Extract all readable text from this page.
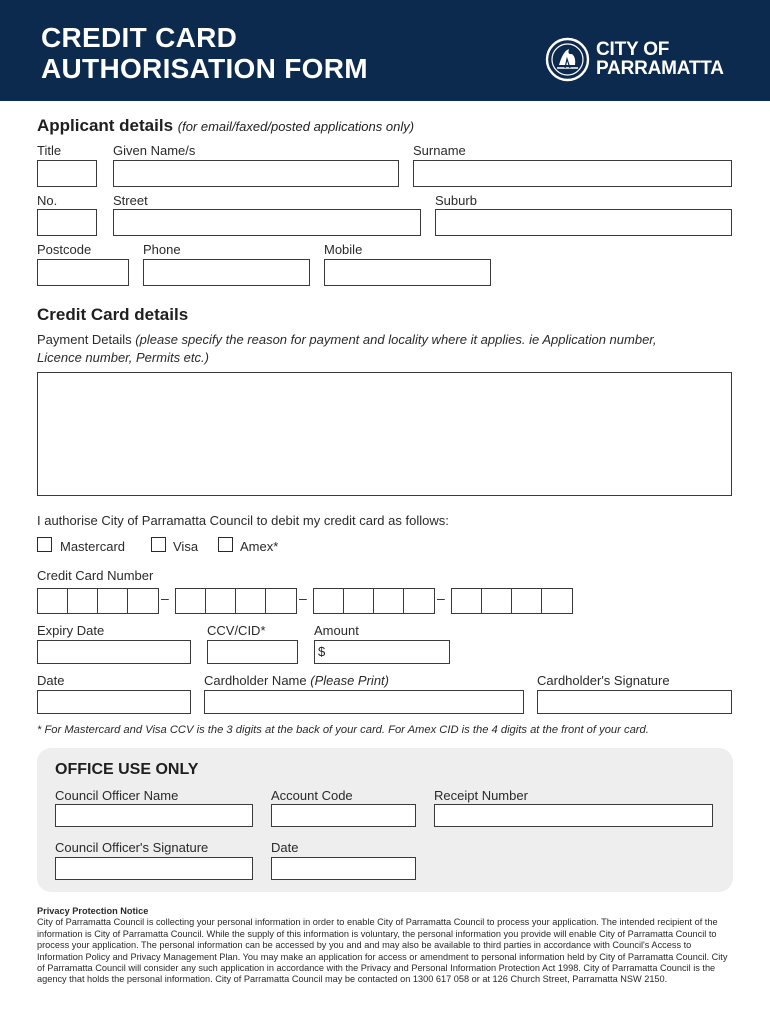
CREDIT CARD
AUTHORISATION FORM
CITY OF
PARRAMATTA
Applicant details (for email/faxed/posted applications only)
Title	Given Name/s	Surname
No.	Street	Suburb
Postcode	Phone	Mobile
Credit Card details
Payment Details (please specify the reason for payment and locality where it applies. ie Application number,
Licence number, Permits etc.)
I authorise City of Parramatta Council to debit my credit card as follows:
Mastercard	Visa	Amex*
Credit Card Number
–	–	–
Expiry Date	CCV/CID*	Amount
$
Date	Cardholder Name (Please Print)	Cardholder's Signature
* For Mastercard and Visa CCV is the 3 digits at the back of your card. For Amex CID is the 4 digits at the front of your card.
OFFICE USE ONLY
Council Officer Name	Account Code	Receipt Number
Council Officer's Signature	Date
Privacy Protection Notice
City of Parramatta Council is collecting your personal information in order to enable City of Parramatta Council to process your application. The intended recipient of the information is City of Parramatta Council. While the supply of this information is voluntary, the personal information you provide will enable City of Parramatta Council to process your application. The personal information can be accessed by you and and may also be available to third parties in accordance with Council's Access to Information Policy and Privacy Management Plan. You may make an application for access or amendment to personal information held by City of Parramatta Council. City of Parramatta Council will consider any such application in accordance with the Privacy and Personal Information Protection Act 1998. City of Parramatta Council is the agency that holds the personal information. City of Parramatta Council may be contacted on 1300 617 058 or at 126 Church Street, Parramatta NSW 2150.
